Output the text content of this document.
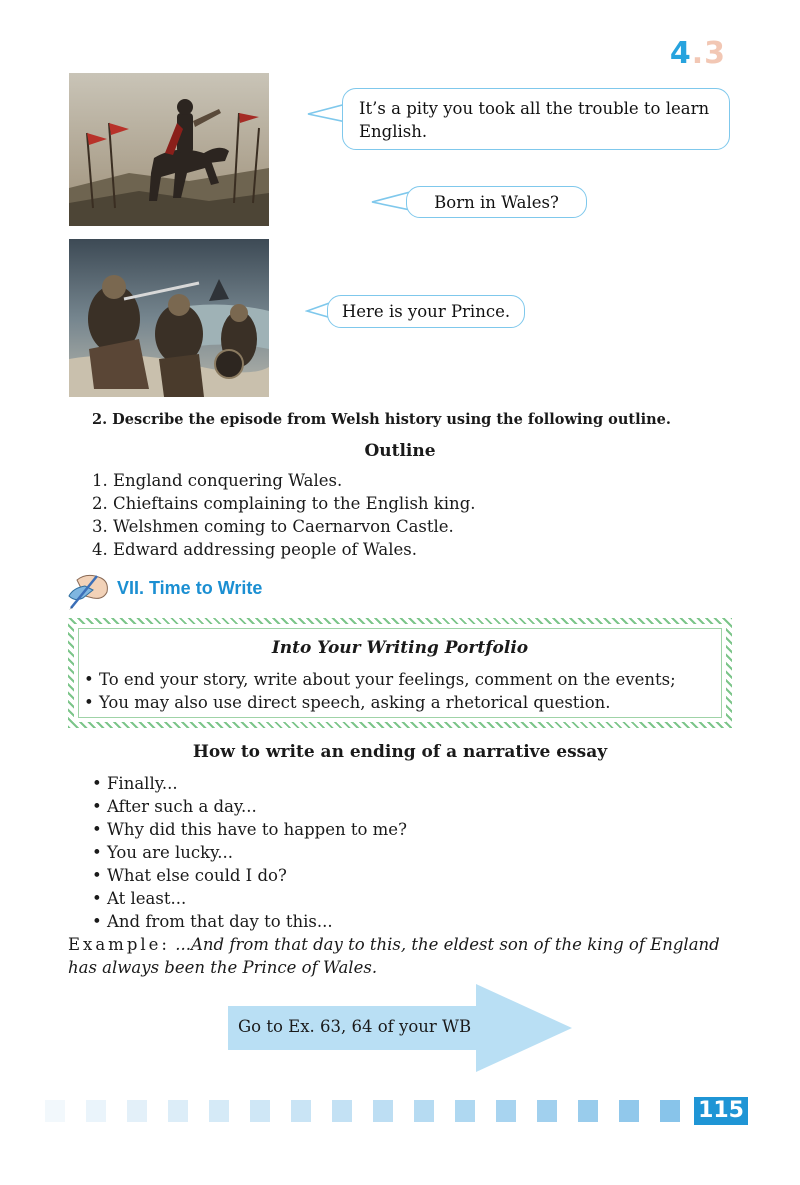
4.3
It’s a pity you took all the trouble to learn English.
Born in Wales?
Here is your Prince.
2. Describe the episode from Welsh history using the following outline.
Outline
1. England conquering Wales.
2. Chieftains complaining to the English king.
3. Welshmen coming to Caernarvon Castle.
4. Edward addressing people of Wales.
VII. Time to Write
Into Your Writing Portfolio
• To end your story, write about your feelings, comment on the events;
• You may also use direct speech, asking a rhetorical question.
How to write an ending of a narrative essay
• Finally...
• After such a day...
• Why did this have to happen to me?
• You are lucky...
• What else could I do?
• At least...
• And from that day to this...
Example: ...And from that day to this, the eldest son of the king of England has always been the Prince of Wales.
Go to Ex. 63, 64 of your WB
115
